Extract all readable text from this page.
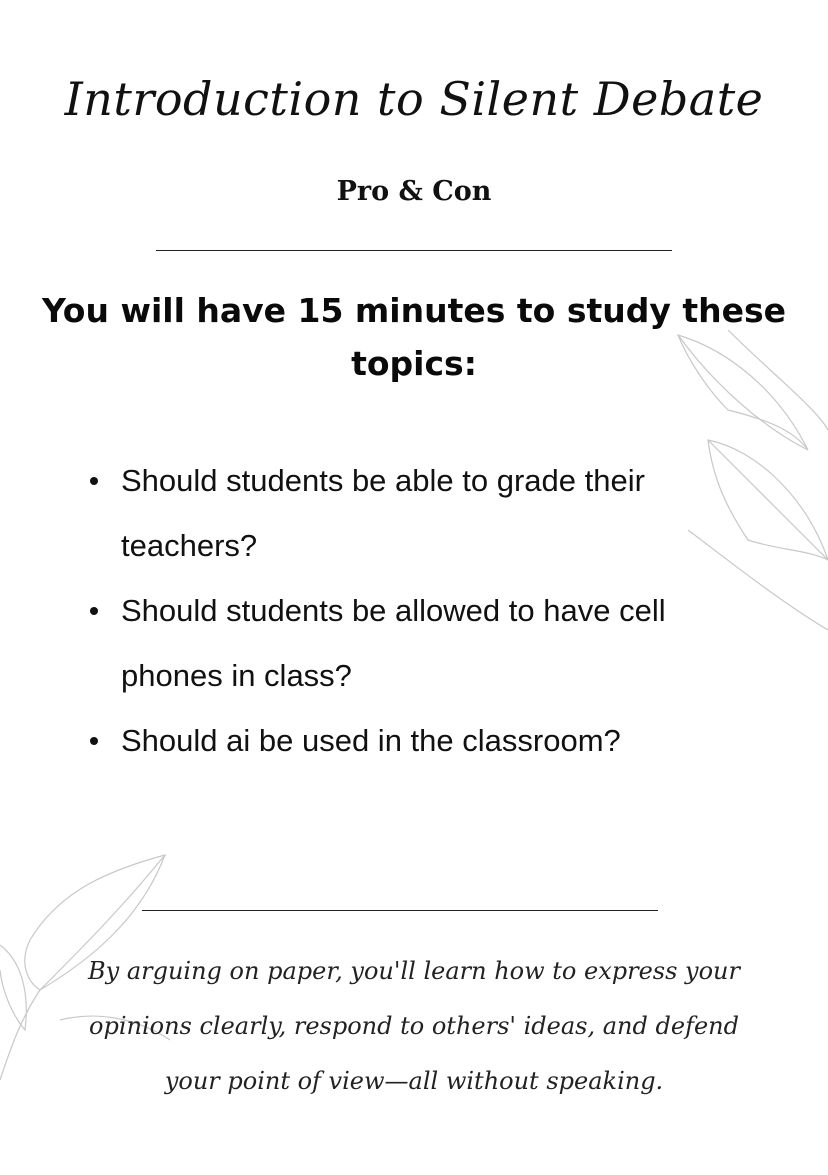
Introduction to Silent Debate
Pro & Con

You will have 15 minutes to study these topics:

Should students be able to grade their teachers?
Should students be allowed to have cell phones in class?
Should ai be used in the classroom?

By arguing on paper, you'll learn how to express your opinions clearly, respond to others' ideas, and defend your point of view—all without speaking.
